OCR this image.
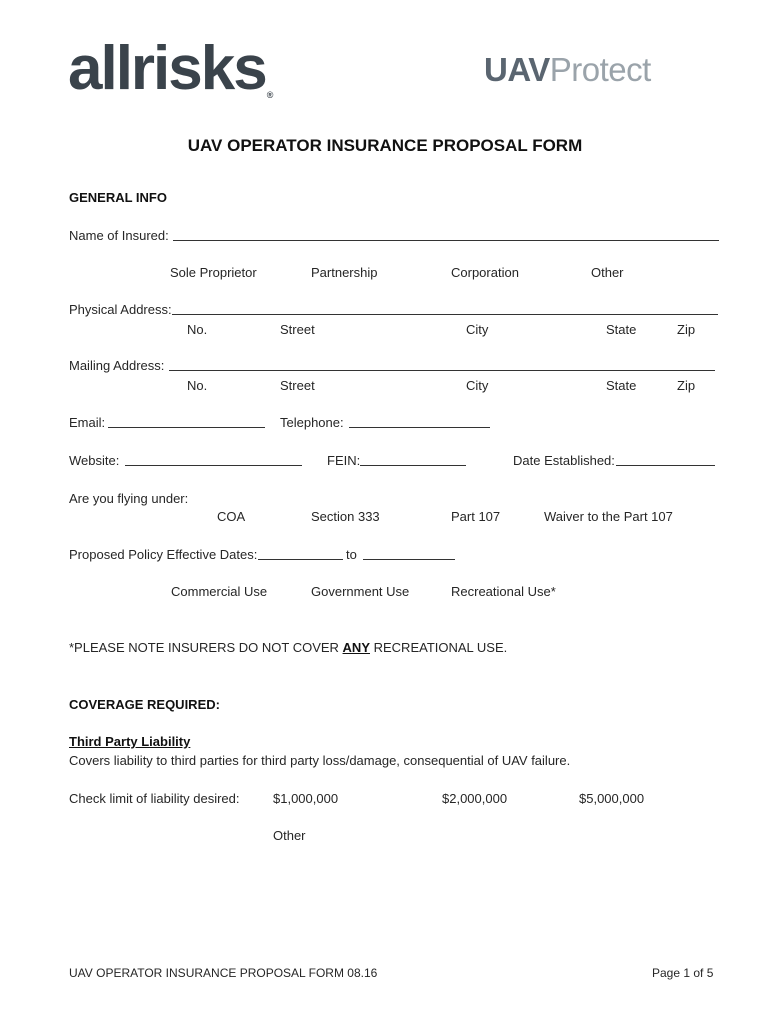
allrisks®
UAVProtect
UAV OPERATOR INSURANCE PROPOSAL FORM
GENERAL INFO
Name of Insured:
Sole Proprietor	Partnership	Corporation	Other
Physical Address:
No.	Street	City	State	Zip
Mailing Address:
No.	Street	City	State	Zip
Email:	Telephone:
Website:	FEIN:	Date Established:
Are you flying under:
COA	Section 333	Part 107	Waiver to the Part 107
Proposed Policy Effective Dates:	to
Commercial Use	Government Use	Recreational Use*
*PLEASE NOTE INSURERS DO NOT COVER ANY RECREATIONAL USE.
COVERAGE REQUIRED:
Third Party Liability
Covers liability to third parties for third party loss/damage, consequential of UAV failure.
Check limit of liability desired:	$1,000,000	$2,000,000	$5,000,000
Other
UAV OPERATOR INSURANCE PROPOSAL FORM 08.16	Page 1 of 5
